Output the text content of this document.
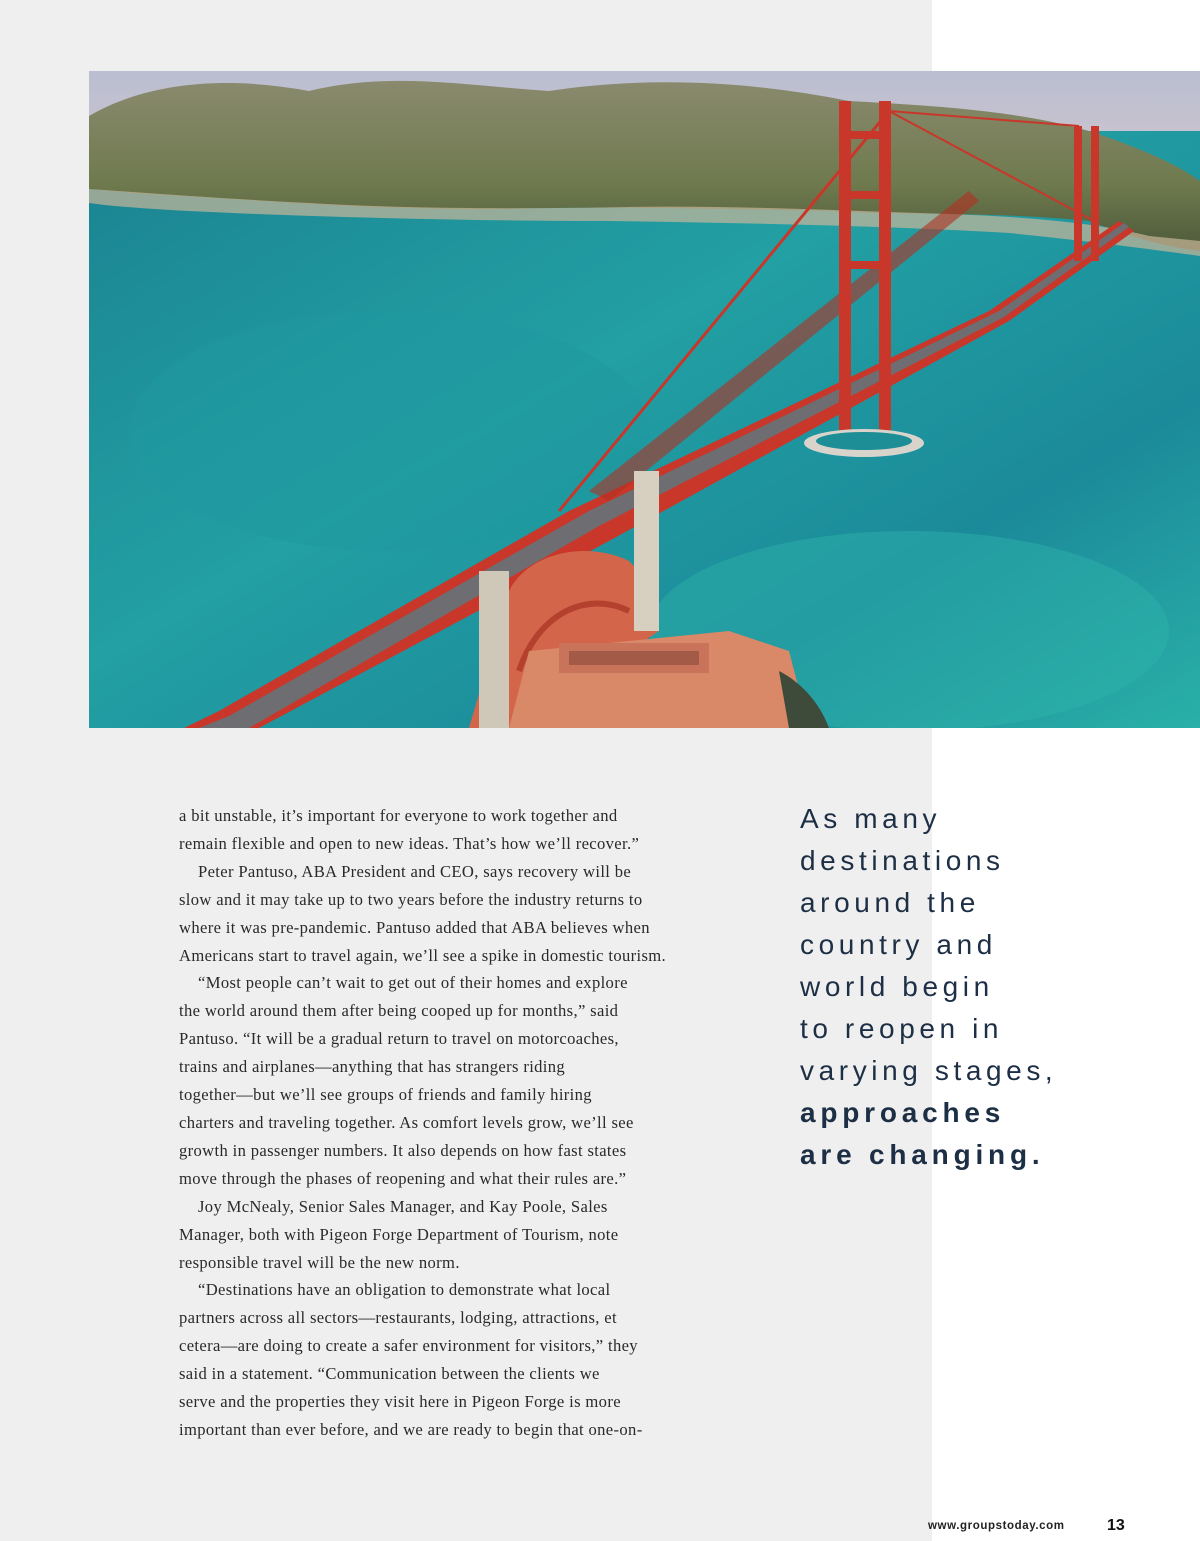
a bit unstable, it’s important for everyone to work together and
remain flexible and open to new ideas. That’s how we’ll recover.”

Peter Pantuso, ABA President and CEO, says recovery will be
slow and it may take up to two years before the industry returns to
where it was pre-pandemic. Pantuso added that ABA believes when
Americans start to travel again, we’ll see a spike in domestic tourism.

“Most people can’t wait to get out of their homes and explore
the world around them after being cooped up for months,” said
Pantuso. “It will be a gradual return to travel on motorcoaches,
trains and airplanes—anything that has strangers riding
together—but we’ll see groups of friends and family hiring
charters and traveling together. As comfort levels grow, we’ll see
growth in passenger numbers. It also depends on how fast states
move through the phases of reopening and what their rules are.”

Joy McNealy, Senior Sales Manager, and Kay Poole, Sales
Manager, both with Pigeon Forge Department of Tourism, note
responsible travel will be the new norm.

“Destinations have an obligation to demonstrate what local
partners across all sectors—restaurants, lodging, attractions, et
cetera—are doing to create a safer environment for visitors,” they
said in a statement. “Communication between the clients we
serve and the properties they visit here in Pigeon Forge is more
important than ever before, and we are ready to begin that one-on-

As many
destinations
around the
country and
world begin
to reopen in
varying stages,
approaches
are changing.
www.groupstoday.com	13
